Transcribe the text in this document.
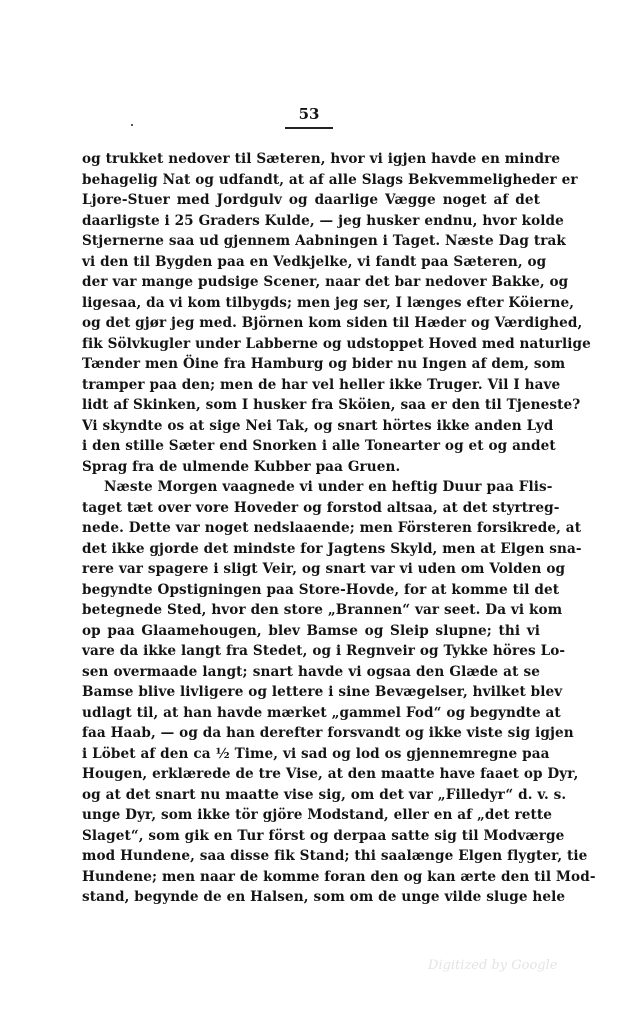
53
og trukket nedover til Sæteren, hvor vi igjen havde en mindre
behagelig Nat og udfandt, at af alle Slags Bekvemmeligheder er
Ljore-Stuer med Jordgulv og daarlige Vægge noget af det
daarligste i 25 Graders Kulde, — jeg husker endnu, hvor kolde
Stjernerne saa ud gjennem Aabningen i Taget. Næste Dag trak
vi den til Bygden paa en Vedkjelke, vi fandt paa Sæteren, og
der var mange pudsige Scener, naar det bar nedover Bakke, og
ligesaa, da vi kom tilbygds; men jeg ser, I længes efter Köierne,
og det gjør jeg med. Björnen kom siden til Hæder og Værdighed,
fik Sölvkugler under Labberne og udstoppet Hoved med naturlige
Tænder men Öine fra Hamburg og bider nu Ingen af dem, som
tramper paa den; men de har vel heller ikke Truger. Vil I have
lidt af Skinken, som I husker fra Sköien, saa er den til Tjeneste?
Vi skyndte os at sige Nei Tak, og snart hörtes ikke anden Lyd
i den stille Sæter end Snorken i alle Tonearter og et og andet
Sprag fra de ulmende Kubber paa Gruen.
Næste Morgen vaagnede vi under en heftig Duur paa Flis-
taget tæt over vore Hoveder og forstod altsaa, at det styrtreg-
nede. Dette var noget nedslaaende; men Försteren forsikrede, at
det ikke gjorde det mindste for Jagtens Skyld, men at Elgen sna-
rere var spagere i sligt Veir, og snart var vi uden om Volden og
begyndte Opstigningen paa Store-Hovde, for at komme til det
betegnede Sted, hvor den store „Brannen“ var seet. Da vi kom
op paa Glaamehougen, blev Bamse og Sleip slupne; thi vi
vare da ikke langt fra Stedet, og i Regnveir og Tykke höres Lo-
sen overmaade langt; snart havde vi ogsaa den Glæde at se
Bamse blive livligere og lettere i sine Bevægelser, hvilket blev
udlagt til, at han havde mærket „gammel Fod“ og begyndte at
faa Haab, — og da han derefter forsvandt og ikke viste sig igjen
i Löbet af den ca ½ Time, vi sad og lod os gjennemregne paa
Hougen, erklærede de tre Vise, at den maatte have faaet op Dyr,
og at det snart nu maatte vise sig, om det var „Filledyr“ d. v. s.
unge Dyr, som ikke tör gjöre Modstand, eller en af „det rette
Slaget“, som gik en Tur först og derpaa satte sig til Modværge
mod Hundene, saa disse fik Stand; thi saalænge Elgen flygter, tie
Hundene; men naar de komme foran den og kan ærte den til Mod-
stand, begynde de en Halsen, som om de unge vilde sluge hele
Digitized by Google
